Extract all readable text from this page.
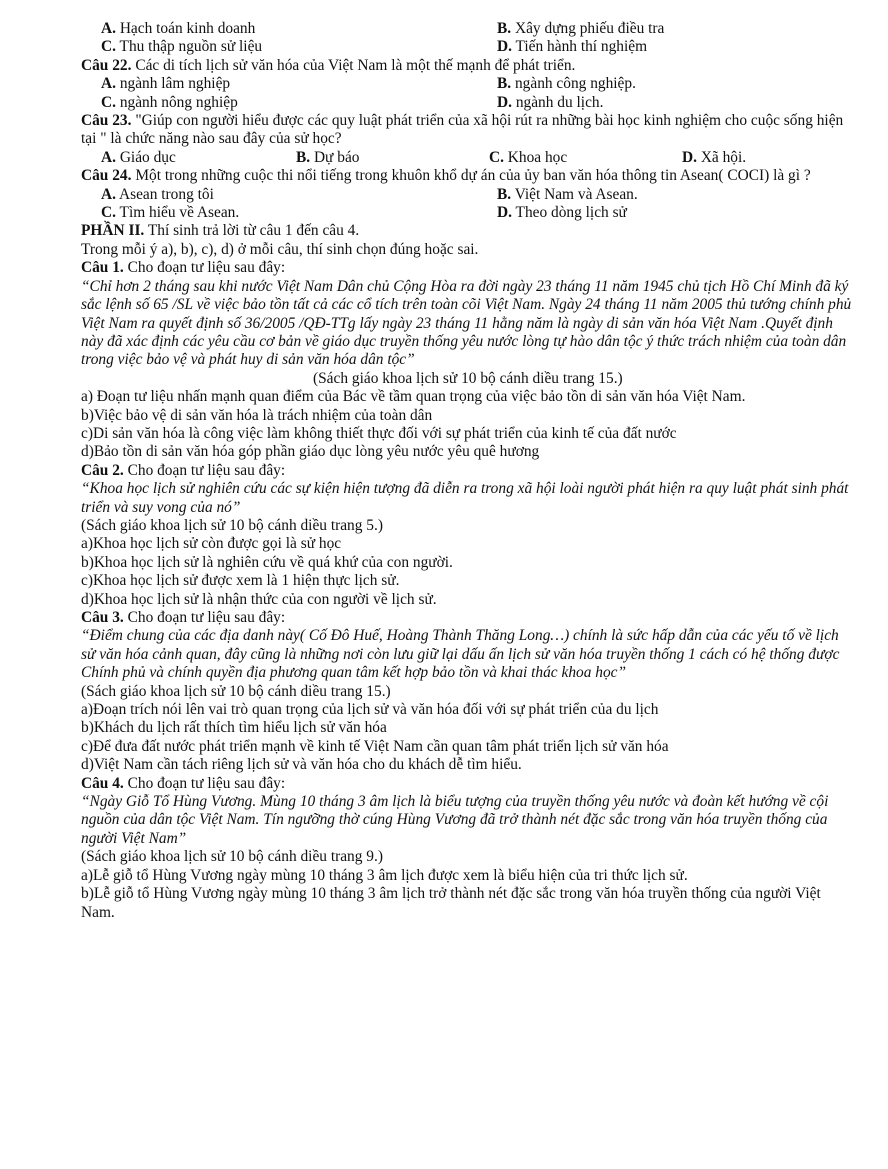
A. Hạch toán kinh doanh	B. Xây dựng phiếu điều tra

C. Thu thập nguồn sử liệu	D. Tiến hành thí nghiệm

Câu 22. Các di tích lịch sử văn hóa của Việt Nam là một thế mạnh để phát triển.

A. ngành lâm nghiệp	B. ngành công nghiệp.

C. ngành nông nghiệp	D. ngành du lịch.

Câu 23. "Giúp con người hiểu được các quy luật phát triển của xã hội rút ra những bài học kinh nghiệm cho cuộc sống hiện tại " là chức năng nào sau đây của sử học?

A. Giáo dục	B. Dự báo	C. Khoa học	D. Xã hội.

Câu 24. Một trong những cuộc thi nổi tiếng trong khuôn khổ dự án của ủy ban văn hóa thông tin Asean( COCI) là gì ?

A. Asean trong tôi	B. Việt Nam và Asean.

C. Tìm hiểu về Asean.	D. Theo dòng lịch sử

PHẦN II. Thí sinh trả lời từ câu 1 đến câu 4.

Trong mỗi ý a), b), c), d) ở mỗi câu, thí sinh chọn đúng hoặc sai.

Câu 1. Cho đoạn tư liệu sau đây:

“Chỉ hơn 2 tháng sau khi nước Việt Nam Dân chủ Cộng Hòa ra đời ngày 23 tháng 11 năm 1945 chủ tịch Hồ Chí Minh đã ký sắc lệnh số 65 /SL về việc bảo tồn tất cả các cổ tích trên toàn cõi Việt Nam. Ngày 24 tháng 11 năm 2005 thủ tướng chính phủ Việt Nam ra quyết định số 36/2005 /QĐ-TTg lấy ngày 23 tháng 11 hằng năm là ngày di sản văn hóa Việt Nam .Quyết định này đã xác định các yêu cầu cơ bản về giáo dục truyền thống yêu nước lòng tự hào dân tộc ý thức trách nhiệm của toàn dân trong việc bảo vệ và phát huy di sản văn hóa dân tộc”

(Sách giáo khoa lịch sử 10 bộ cánh diều trang 15.)

a) Đoạn tư liệu nhấn mạnh quan điểm của Bác về tầm quan trọng của việc bảo tồn di sản văn hóa Việt Nam.

b)Việc bảo vệ di sản văn hóa là trách nhiệm của toàn dân

c)Di sản văn hóa là công việc làm không thiết thực đối với sự phát triển của kinh tế của đất nước

d)Bảo tồn di sản văn hóa góp phần giáo dục lòng yêu nước yêu quê hương

Câu 2. Cho đoạn tư liệu sau đây:

“Khoa học lịch sử nghiên cứu các sự kiện hiện tượng đã diễn ra trong xã hội loài người phát hiện ra quy luật phát sinh phát triển và suy vong của nó”

(Sách giáo khoa lịch sử 10 bộ cánh diều trang 5.)

a)Khoa học lịch sử còn được gọi là sử học

b)Khoa học lịch sử là nghiên cứu về quá khứ của con người.

c)Khoa học lịch sử được xem là 1 hiện thực lịch sử.

d)Khoa học lịch sử là nhận thức của con người về lịch sử.

Câu 3. Cho đoạn tư liệu sau đây:

“Điểm chung của các địa danh này( Cố Đô Huế, Hoàng Thành Thăng Long…) chính là sức hấp dẫn của các yếu tố về lịch sử văn hóa cảnh quan, đây cũng là những nơi còn lưu giữ lại dấu ấn lịch sử văn hóa truyền thống 1 cách có hệ thống được Chính phủ và chính quyền địa phương quan tâm kết hợp bảo tồn và khai thác khoa học”

(Sách giáo khoa lịch sử 10 bộ cánh diều trang 15.)

a)Đoạn trích nói lên vai trò quan trọng của lịch sử và văn hóa đối với sự phát triển của du lịch

b)Khách du lịch rất thích tìm hiểu lịch sử văn hóa

c)Để đưa đất nước phát triển mạnh về kinh tế Việt Nam cần quan tâm phát triển lịch sử văn hóa

d)Việt Nam cần tách riêng lịch sử và văn hóa cho du khách dễ tìm hiểu.

Câu 4. Cho đoạn tư liệu sau đây:

“Ngày Giỗ Tổ Hùng Vương. Mùng 10 tháng 3 âm lịch là biểu tượng của truyền thống yêu nước và đoàn kết hướng về cội nguồn của dân tộc Việt Nam. Tín ngưỡng thờ cúng Hùng Vương đã trở thành nét đặc sắc trong văn hóa truyền thống của người Việt Nam”

(Sách giáo khoa lịch sử 10 bộ cánh diều trang 9.)

a)Lễ giỗ tổ Hùng Vương ngày mùng 10 tháng 3 âm lịch được xem là biểu hiện của tri thức lịch sử.

b)Lễ giỗ tổ Hùng Vương ngày mùng 10 tháng 3 âm lịch trở thành nét đặc sắc trong văn hóa truyền thống của người Việt Nam.
